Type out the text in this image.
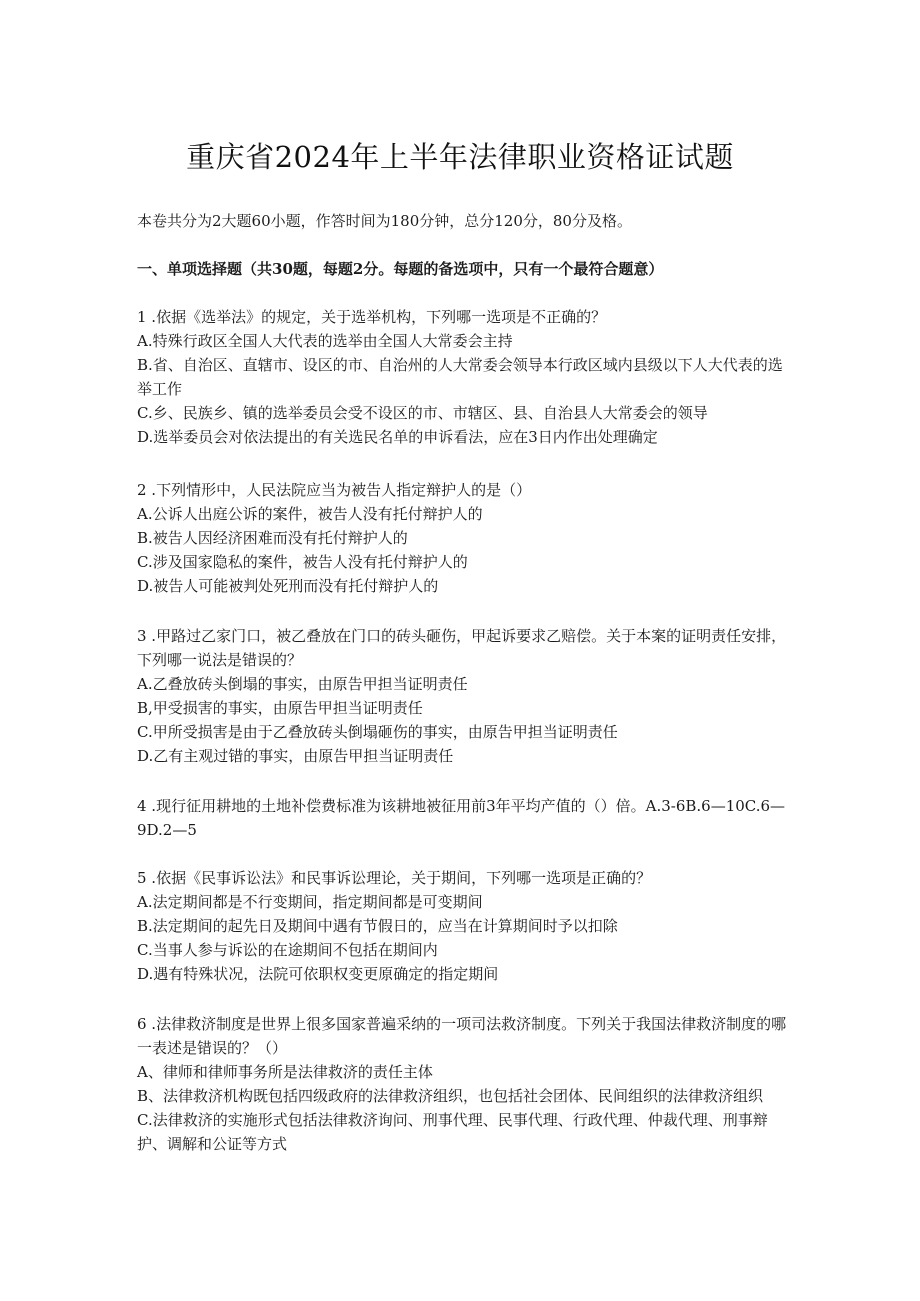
重庆省2024年上半年法律职业资格证试题
本卷共分为2大题60小题，作答时间为180分钟，总分120分，80分及格。
一、单项选择题（共30题，每题2分。每题的备选项中，只有一个最符合题意）

1 .依据《选举法》的规定，关于选举机构，下列哪一选项是不正确的？

A.特殊行政区全国人大代表的选举由全国人大常委会主持

B.省、自治区、直辖市、设区的市、自治州的人大常委会领导本行政区域内县级以下人大代表的选举工作

C.乡、民族乡、镇的选举委员会受不设区的市、市辖区、县、自治县人大常委会的领导

D.选举委员会对依法提出的有关选民名单的申诉看法，应在3日内作出处理确定

2 .下列情形中，人民法院应当为被告人指定辩护人的是（）

A.公诉人出庭公诉的案件，被告人没有托付辩护人的

B.被告人因经济困难而没有托付辩护人的

C.涉及国家隐私的案件，被告人没有托付辩护人的

D.被告人可能被判处死刑而没有托付辩护人的

3 .甲路过乙家门口，被乙叠放在门口的砖头砸伤，甲起诉要求乙赔偿。关于本案的证明责任安排，下列哪一说法是错误的？

A.乙叠放砖头倒塌的事实，由原告甲担当证明责任

B,甲受损害的事实，由原告甲担当证明责任

C.甲所受损害是由于乙叠放砖头倒塌砸伤的事实，由原告甲担当证明责任

D.乙有主观过错的事实，由原告甲担当证明责任

4 .现行征用耕地的土地补偿费标准为该耕地被征用前3年平均产值的（）倍。A.3-6B.6—10C.6—9D.2—5

5 .依据《民事诉讼法》和民事诉讼理论，关于期间，下列哪一选项是正确的？

A.法定期间都是不行变期间，指定期间都是可变期间

B.法定期间的起先日及期间中遇有节假日的，应当在计算期间时予以扣除

C.当事人参与诉讼的在途期间不包括在期间内

D.遇有特殊状况，法院可依职权变更原确定的指定期间

6 .法律救济制度是世界上很多国家普遍采纳的一项司法救济制度。下列关于我国法律救济制度的哪一表述是错误的？（）

A、律师和律师事务所是法律救济的责任主体

B、法律救济机构既包括四级政府的法律救济组织，也包括社会团体、民间组织的法律救济组织

C.法律救济的实施形式包括法律救济询问、刑事代理、民事代理、行政代理、仲裁代理、刑事辩护、调解和公证等方式
